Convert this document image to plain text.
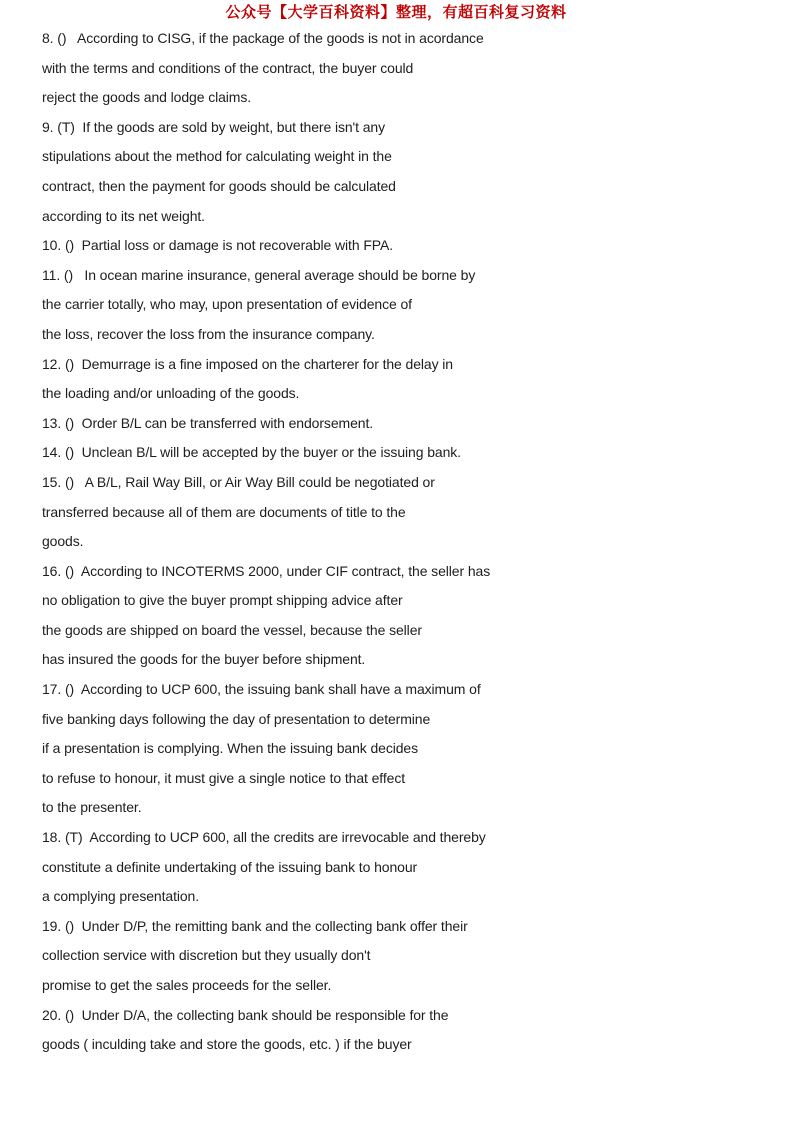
公众号【大学百科资料】整理，有超百科复习资料
8. ()   According to CISG, if the package of the goods is not in acordance
with the terms and conditions of the contract, the buyer could
reject the goods and lodge claims.
9. (T)  If the goods are sold by weight, but there isn't any
stipulations about the method for calculating weight in the
contract, then the payment for goods should be calculated
according to its net weight.
10. ()  Partial loss or damage is not recoverable with FPA.
11. ()   In ocean marine insurance, general average should be borne by
the carrier totally, who may, upon presentation of evidence of
the loss, recover the loss from the insurance company.
12. ()  Demurrage is a fine imposed on the charterer for the delay in
the loading and/or unloading of the goods.
13. ()  Order B/L can be transferred with endorsement.
14. ()  Unclean B/L will be accepted by the buyer or the issuing bank.
15. ()   A B/L, Rail Way Bill, or Air Way Bill could be negotiated or
transferred because all of them are documents of title to the
goods.
16. ()  According to INCOTERMS 2000, under CIF contract, the seller has
no obligation to give the buyer prompt shipping advice after
the goods are shipped on board the vessel, because the seller
has insured the goods for the buyer before shipment.
17. ()  According to UCP 600, the issuing bank shall have a maximum of
five banking days following the day of presentation to determine
if a presentation is complying. When the issuing bank decides
to refuse to honour, it must give a single notice to that effect
to the presenter.
18. (T)  According to UCP 600, all the credits are irrevocable and thereby
constitute a definite undertaking of the issuing bank to honour
a complying presentation.
19. ()  Under D/P, the remitting bank and the collecting bank offer their
collection service with discretion but they usually don't
promise to get the sales proceeds for the seller.
20. ()  Under D/A, the collecting bank should be responsible for the
goods ( inculding take and store the goods, etc. ) if the buyer
